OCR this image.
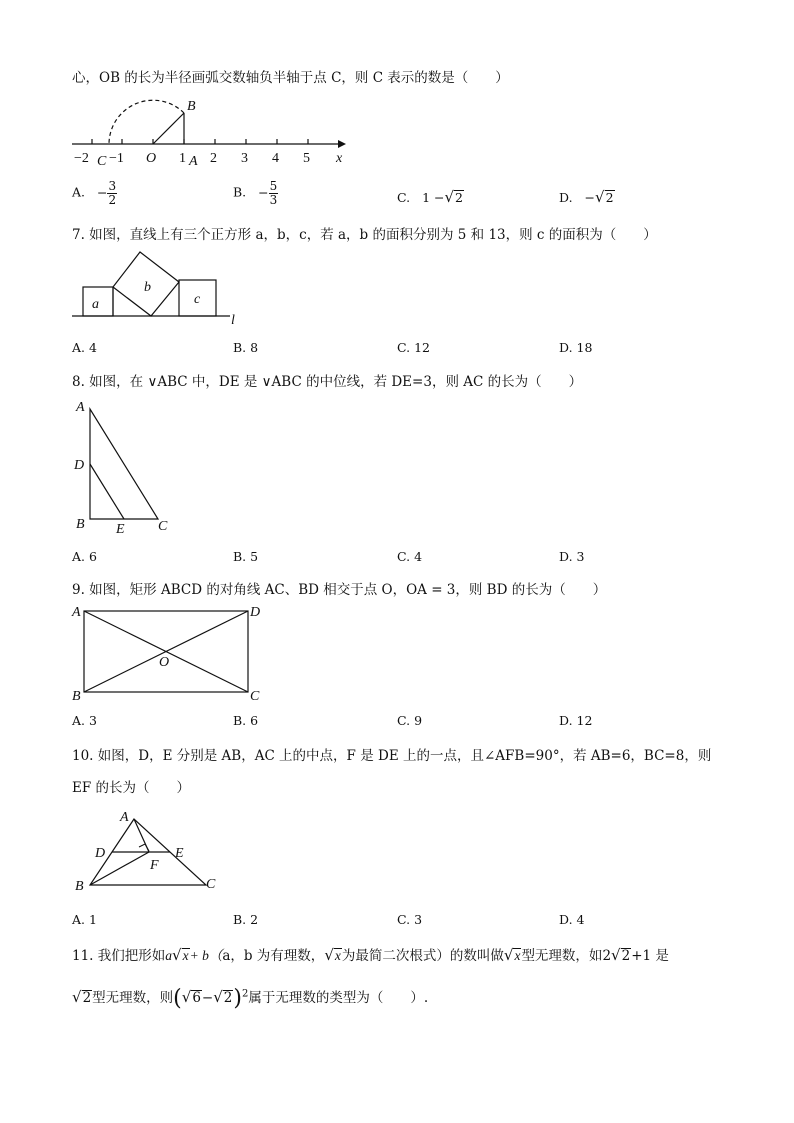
心，OB 的长为半径画弧交数轴负半轴于点 C，则 C 表示的数是（　　）
−2 C −1 O 1 A 2 3 4 5 x
B
A. − $\frac{3}{2}$	B. − $\frac{5}{3}$	C. 1 −√2	D. −√2
7. 如图，直线上有三个正方形 a，b，c，若 a，b 的面积分别为 5 和 13，则 c 的面积为（　　）
a
b
c
l
A. 4	B. 8	C. 12	D. 18
8. 如图，在 ∨ABC 中，DE 是 ∨ABC 的中位线，若 DE=3，则 AC 的长为（　　）
A
D
B E C
A. 6	B. 5	C. 4	D. 3
9. 如图，矩形 ABCD 的对角线 AC、BD 相交于点 O，OA = 3，则 BD 的长为（　　）
A	D
B	C
O
A. 3	B. 6	C. 9	D. 12
10. 如图，D，E 分别是 AB，AC 上的中点，F 是 DE 上的一点，且∠AFB=90°，若 AB=6，BC=8，则
EF 的长为（　　）
A
D	E
F
B	C
A. 1	B. 2	C. 3	D. 4
11. 我们把形如a√x+ b（a，b 为有理数，√x为最简二次根式）的数叫做√x型无理数，如2√2+1 是
√2型无理数，则$(√6-√2)^2$属于无理数的类型为（　　）.
